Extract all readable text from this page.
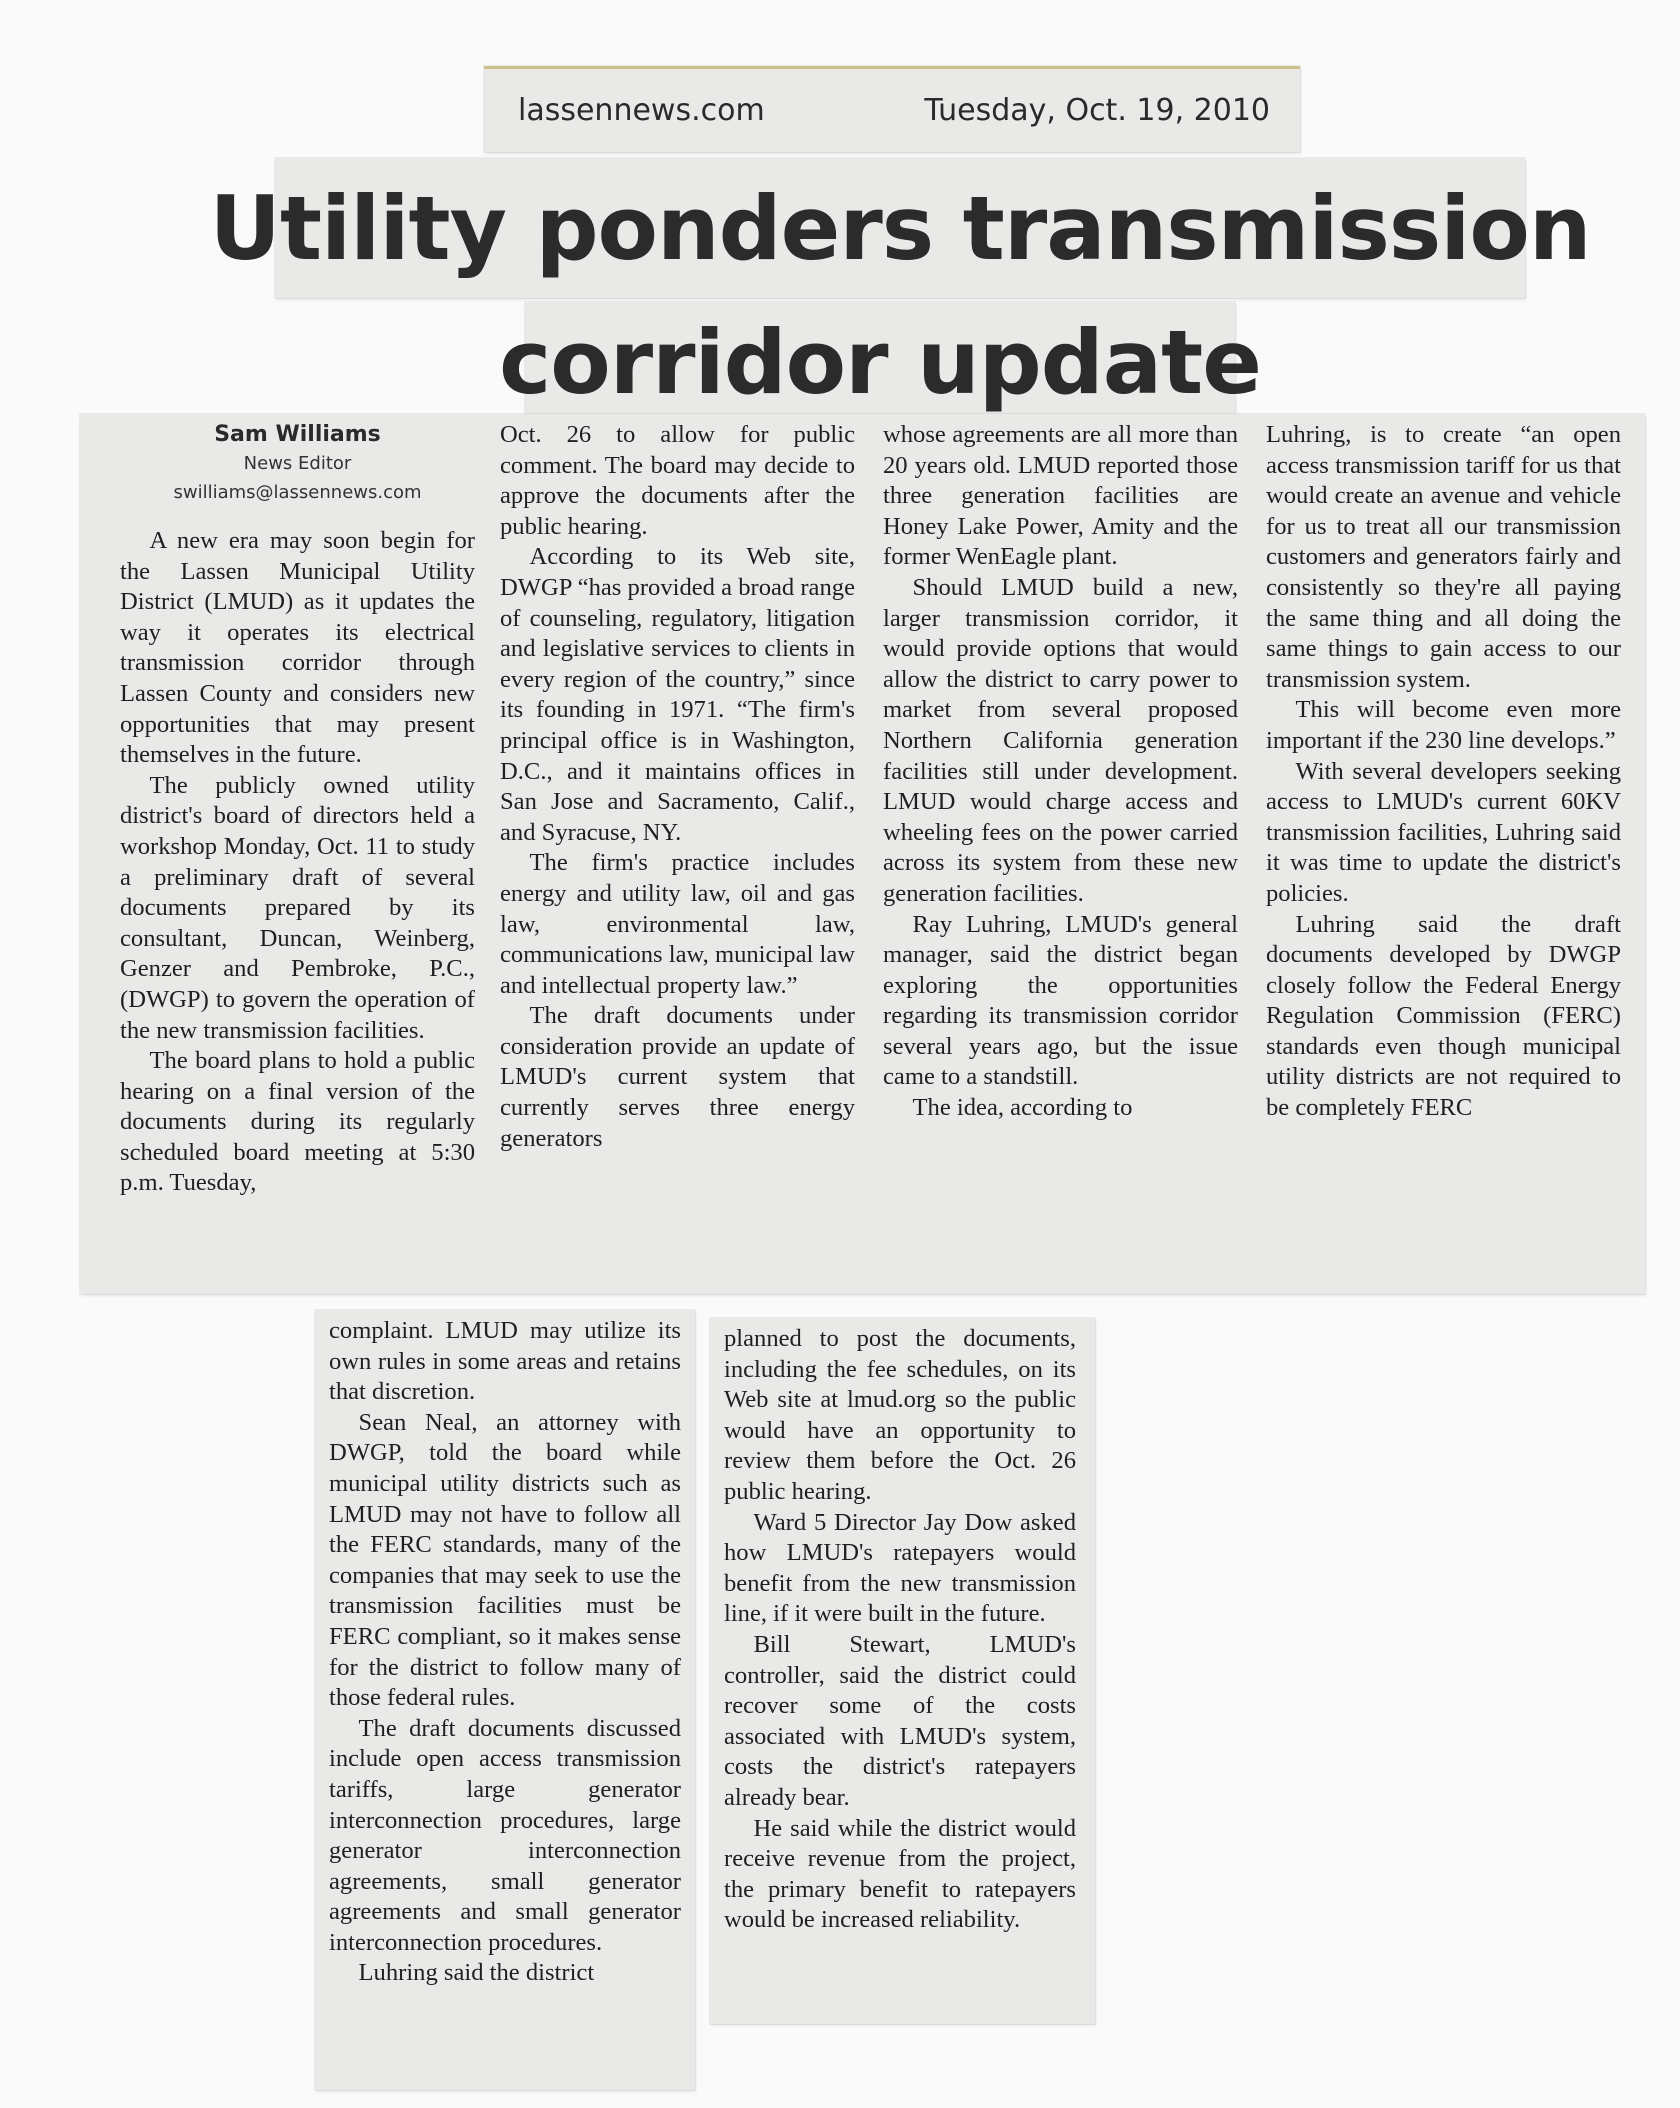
lassennews.com	Tuesday, Oct. 19, 2010
Utility ponders transmission
corridor update
Sam Williams
News Editor
swilliams@lassennews.com

A new era may soon begin for the Lassen Municipal Utility District (LMUD) as it updates the way it operates its electrical transmission corridor through Lassen County and considers new opportunities that may present themselves in the future.

The publicly owned utility district's board of directors held a workshop Monday, Oct. 11 to study a preliminary draft of several documents prepared by its consultant, Duncan, Weinberg, Genzer and Pembroke, P.C., (DWGP) to govern the operation of the new transmission facilities.

The board plans to hold a public hearing on a final version of the documents during its regularly scheduled board meeting at 5:30 p.m. Tuesday,

Oct. 26 to allow for public comment. The board may decide to approve the documents after the public hearing.

According to its Web site, DWGP “has provided a broad range of counseling, regulatory, litigation and legislative services to clients in every region of the country,” since its founding in 1971. “The firm's principal office is in Washington, D.C., and it maintains offices in San Jose and Sacramento, Calif., and Syracuse, NY.

The firm's practice includes energy and utility law, oil and gas law, environmental law, communications law, municipal law and intellectual property law.”

The draft documents under consideration provide an update of LMUD's current system that currently serves three energy generators

whose agreements are all more than 20 years old. LMUD reported those three generation facilities are Honey Lake Power, Amity and the former WenEagle plant.

Should LMUD build a new, larger transmission corridor, it would provide options that would allow the district to carry power to market from several proposed Northern California generation facilities still under development. LMUD would charge access and wheeling fees on the power carried across its system from these new generation facilities.

Ray Luhring, LMUD's general manager, said the district began exploring the opportunities regarding its transmission corridor several years ago, but the issue came to a standstill.

The idea, according to

Luhring, is to create “an open access transmission tariff for us that would create an avenue and vehicle for us to treat all our transmission customers and generators fairly and consistently so they're all paying the same thing and all doing the same things to gain access to our transmission system.

This will become even more important if the 230 line develops.”

With several developers seeking access to LMUD's current 60KV transmission facilities, Luhring said it was time to update the district's policies.

Luhring said the draft documents developed by DWGP closely follow the Federal Energy Regulation Commission (FERC) standards even though municipal utility districts are not required to be completely FERC

complaint. LMUD may utilize its own rules in some areas and retains that discretion.

Sean Neal, an attorney with DWGP, told the board while municipal utility districts such as LMUD may not have to follow all the FERC standards, many of the companies that may seek to use the transmission facilities must be FERC compliant, so it makes sense for the district to follow many of those federal rules.

The draft documents discussed include open access transmission tariffs, large generator interconnection procedures, large generator interconnection agreements, small generator agreements and small generator interconnection procedures.

Luhring said the district

planned to post the documents, including the fee schedules, on its Web site at lmud.org so the public would have an opportunity to review them before the Oct. 26 public hearing.

Ward 5 Director Jay Dow asked how LMUD's ratepayers would benefit from the new transmission line, if it were built in the future.

Bill Stewart, LMUD's controller, said the district could recover some of the costs associated with LMUD's system, costs the district's ratepayers already bear.

He said while the district would receive revenue from the project, the primary benefit to ratepayers would be increased reliability.
